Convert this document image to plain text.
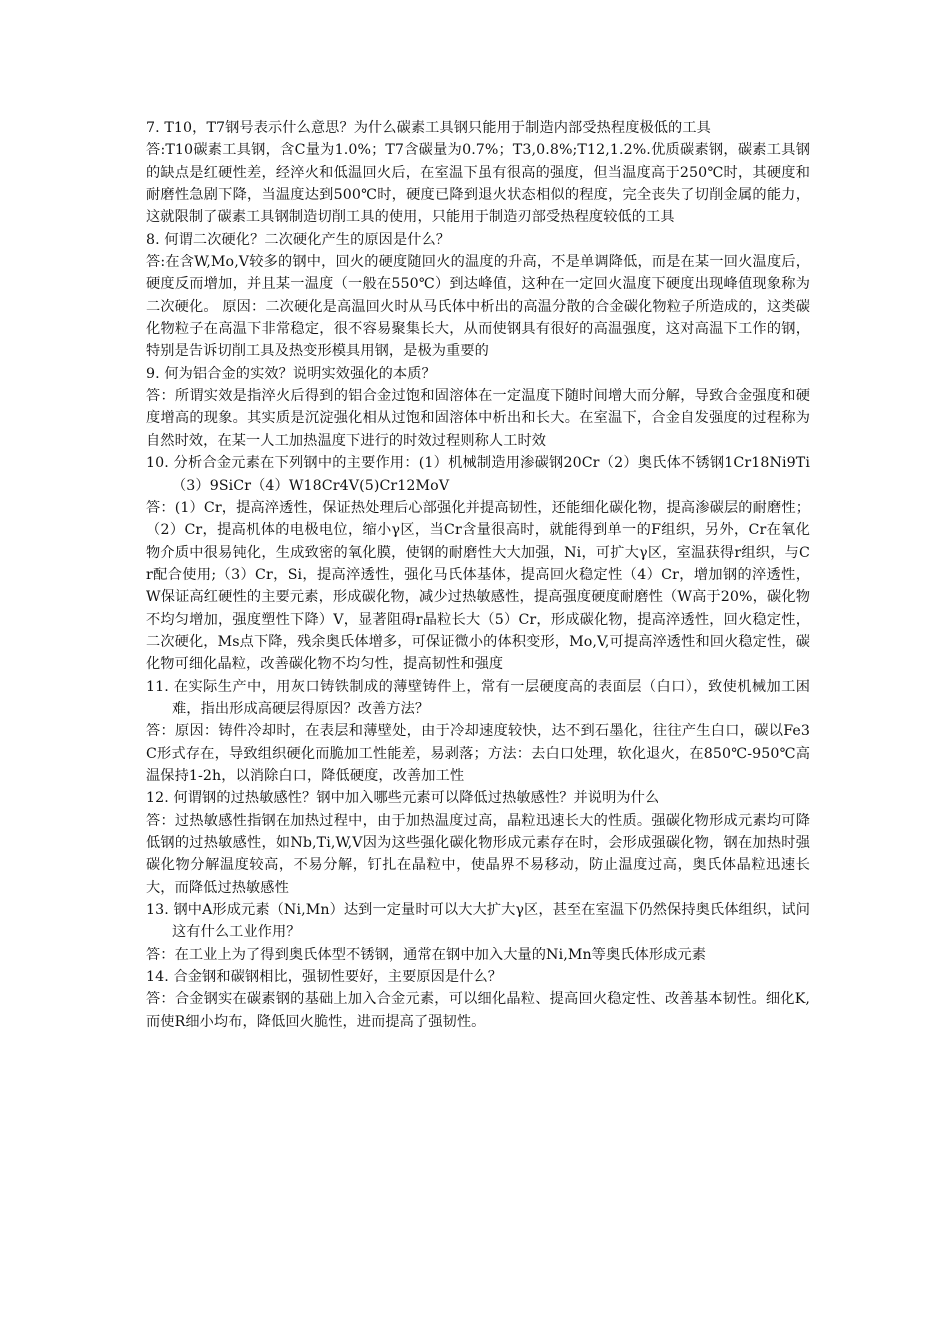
7. T10，T7钢号表示什么意思？为什么碳素工具钢只能用于制造内部受热程度极低的工具

答:T10碳素工具钢，含C量为1.0%；T7含碳量为0.7%；T3,0.8%;T12,1.2%.优质碳素钢，碳素工具钢的缺点是红硬性差，经淬火和低温回火后，在室温下虽有很高的强度，但当温度高于250℃时，其硬度和耐磨性急剧下降，当温度达到500℃时，硬度已降到退火状态相似的程度，完全丧失了切削金属的能力，这就限制了碳素工具钢制造切削工具的使用，只能用于制造刃部受热程度较低的工具

8. 何谓二次硬化？二次硬化产生的原因是什么？

答:在含W,Mo,V较多的钢中，回火的硬度随回火的温度的升高，不是单调降低，而是在某一回火温度后，硬度反而增加，并且某一温度（一般在550℃）到达峰值，这种在一定回火温度下硬度出现峰值现象称为二次硬化。 原因：二次硬化是高温回火时从马氏体中析出的高温分散的合金碳化物粒子所造成的，这类碳化物粒子在高温下非常稳定，很不容易聚集长大，从而使钢具有很好的高温强度，这对高温下工作的钢，特别是告诉切削工具及热变形模具用钢，是极为重要的

9. 何为铝合金的实效？说明实效强化的本质？

答：所谓实效是指淬火后得到的铝合金过饱和固溶体在一定温度下随时间增大而分解，导致合金强度和硬度增高的现象。其实质是沉淀强化相从过饱和固溶体中析出和长大。在室温下，合金自发强度的过程称为自然时效，在某一人工加热温度下进行的时效过程则称人工时效

10. 分析合金元素在下列钢中的主要作用：(1）机械制造用渗碳钢20Cr（2）奥氏体不锈钢1Cr18Ni9Ti（3）9SiCr（4）W18Cr4V(5)Cr12MoV

答：(1）Cr，提高淬透性，保证热处理后心部强化并提高韧性，还能细化碳化物，提高渗碳层的耐磨性；（2）Cr，提高机体的电极电位，缩小γ区，当Cr含量很高时，就能得到单一的F组织，另外，Cr在氧化物介质中很易钝化，生成致密的氧化膜，使钢的耐磨性大大加强，Ni，可扩大γ区，室温获得r组织，与Cr配合使用;（3）Cr，Si，提高淬透性，强化马氏体基体，提高回火稳定性（4）Cr，增加钢的淬透性，W保证高红硬性的主要元素，形成碳化物，减少过热敏感性，提高强度硬度耐磨性（W高于20%，碳化物不均匀增加，强度塑性下降）V，显著阻碍r晶粒长大（5）Cr，形成碳化物，提高淬透性，回火稳定性，二次硬化，Ms点下降，残余奥氏体增多，可保证微小的体积变形，Mo,V,可提高淬透性和回火稳定性，碳化物可细化晶粒，改善碳化物不均匀性，提高韧性和强度

11. 在实际生产中，用灰口铸铁制成的薄壁铸件上，常有一层硬度高的表面层（白口），致使机械加工困难，指出形成高硬层得原因？改善方法？

答：原因：铸件冷却时，在表层和薄壁处，由于冷却速度较快，达不到石墨化，往往产生白口，碳以Fe3C形式存在，导致组织硬化而脆加工性能差，易剥落；方法：去白口处理，软化退火，在850℃-950℃高温保持1-2h，以消除白口，降低硬度，改善加工性

12. 何谓钢的过热敏感性？钢中加入哪些元素可以降低过热敏感性？并说明为什么

答：过热敏感性指钢在加热过程中，由于加热温度过高，晶粒迅速长大的性质。强碳化物形成元素均可降低钢的过热敏感性，如Nb,Ti,W,V因为这些强化碳化物形成元素存在时，会形成强碳化物，钢在加热时强碳化物分解温度较高，不易分解，钉扎在晶粒中，使晶界不易移动，防止温度过高，奥氏体晶粒迅速长大，而降低过热敏感性

13. 钢中A形成元素（Ni,Mn）达到一定量时可以大大扩大γ区，甚至在室温下仍然保持奥氏体组织，试问这有什么工业作用？

答：在工业上为了得到奥氏体型不锈钢，通常在钢中加入大量的Ni,Mn等奥氏体形成元素

14. 合金钢和碳钢相比，强韧性要好，主要原因是什么？

答：合金钢实在碳素钢的基础上加入合金元素，可以细化晶粒、提高回火稳定性、改善基本韧性。细化K,而使R细小均布，降低回火脆性，进而提高了强韧性。
